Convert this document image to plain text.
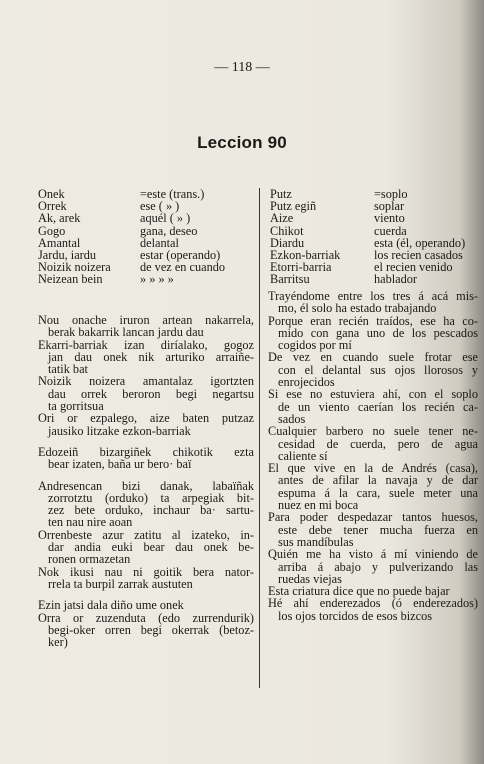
— 118 —
Leccion 90
Onek	=este (trans.)
Orrek	ese ( » )
Ak, arek	aquél ( » )
Gogo	gana, deseo
Amantal	delantal
Jardu, iardu	estar (operando)
Noizik noizera de vez en cuando
Neizean bein	» » » »
Putz	=soplo
Putz egiñ	soplar
Aize	viento
Chikot	cuerda
Diardu	esta (él, operando)
Ezkon-barriak	los recien casados
Etorri-barria	el recien venido
Barritsu	hablador
Nou onache iruron artean nakarrela,
berak bakarrik lancan jardu dau
Ekarri-barriak izan diríalako, gogoz
jan dau onek nik arturiko arraiñe-
tatik bat
Noizik noizera amantalaz igortzten
dau orrek beroron begi negartsu
ta gorritsua
Ori or ezpalego, aize baten putzaz
jausiko litzake ezkon-barriak
Edozeiñ bizargiñek chikotik ezta
bear izaten, baña ur bero· baï
Andresencan bizi danak, labaïñak
zorrotztu (orduko) ta arpegiak bit-
zez bete orduko, inchaur ba· sartu-
ten nau nire aoan
Orrenbeste azur zatitu al izateko, in-
dar andia euki bear dau onek be-
ronen ormazetan
Nok ikusi nau ni goitik bera nator-
rrela ta burpil zarrak austuten
Ezin jatsi dala diño ume onek
Orra or zuzenduta (edo zurrendurik)
begi-oker orren begi okerrak (betoz-
ker)
Trayéndome entre los tres á acá mis-
mo, él solo ha estado trabajando
Porque eran recién traídos, ese ha co-
mido con gana uno de los pescados
cogidos por mí
De vez en cuando suele frotar ese
con el delantal sus ojos llorosos y
enrojecidos
Si ese no estuviera ahí, con el soplo
de un viento caerían los recién ca-
sados
Cualquier barbero no suele tener ne-
cesidad de cuerda, pero de agua
caliente sí
El que vive en la de Andrés (casa),
antes de afilar la navaja y de dar
espuma á la cara, suele meter una
nuez en mi boca
Para poder despedazar tantos huesos,
este debe tener mucha fuerza en
sus mandíbulas
Quién me ha visto á mí viniendo de
arriba á abajo y pulverizando las
ruedas viejas
Esta criatura dice que no puede bajar
Hé ahí enderezados (ó enderezados)
los ojos torcidos de esos bizcos
